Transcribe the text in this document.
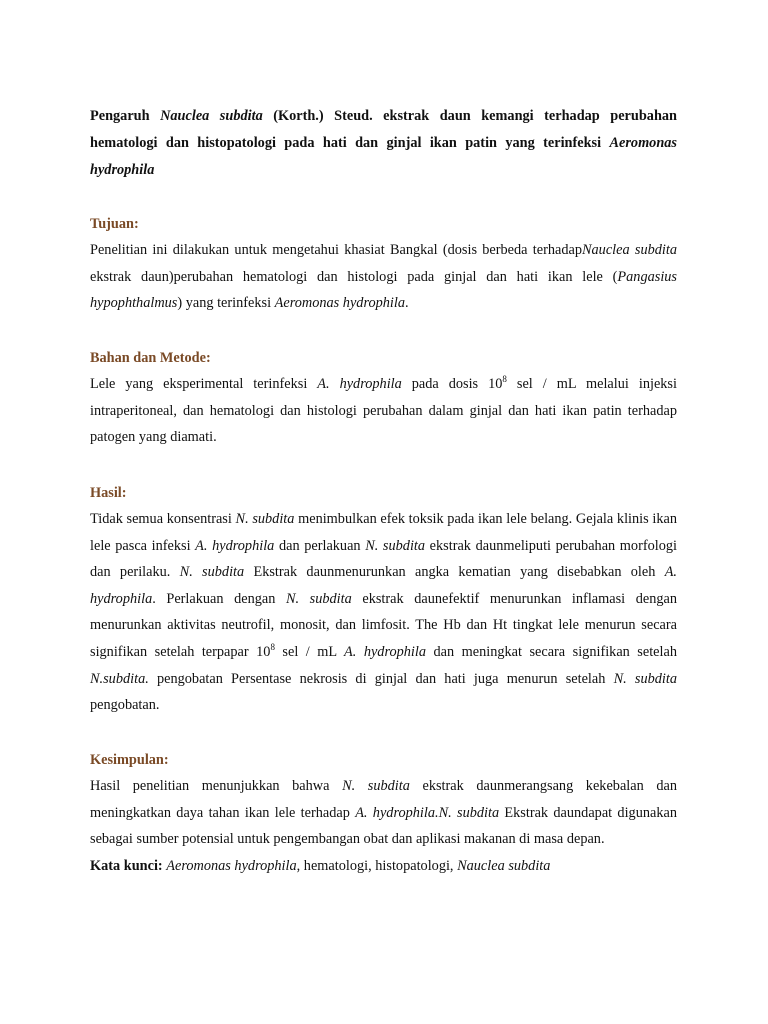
Pengaruh Nauclea subdita (Korth.) Steud. ekstrak daun kemangi terhadap perubahan hematologi dan histopatologi pada hati dan ginjal ikan patin yang terinfeksi Aeromonas hydrophila

Tujuan:

Penelitian ini dilakukan untuk mengetahui khasiat Bangkal (dosis berbeda terhadapNauclea subdita ekstrak daun)perubahan hematologi dan histologi pada ginjal dan hati ikan lele (Pangasius hypophthalmus) yang terinfeksi Aeromonas hydrophila.

Bahan dan Metode:

Lele yang eksperimental terinfeksi A. hydrophila pada dosis $10^8$ sel / mL melalui injeksi intraperitoneal, dan hematologi dan histologi perubahan dalam ginjal dan hati ikan patin terhadap patogen yang diamati.

Hasil:

Tidak semua konsentrasi N. subdita menimbulkan efek toksik pada ikan lele belang. Gejala klinis ikan lele pasca infeksi A. hydrophila dan perlakuan N. subdita ekstrak daunmeliputi perubahan morfologi dan perilaku. N. subdita Ekstrak daunmenurunkan angka kematian yang disebabkan oleh A. hydrophila. Perlakuan dengan N. subdita ekstrak daunefektif menurunkan inflamasi dengan menurunkan aktivitas neutrofil, monosit, dan limfosit. The Hb dan Ht tingkat lele menurun secara signifikan setelah terpapar $10^8$ sel / mL A. hydrophila dan meningkat secara signifikan setelah N.subdita. pengobatan Persentase nekrosis di ginjal dan hati juga menurun setelah N. subdita pengobatan.

Kesimpulan:

Hasil penelitian menunjukkan bahwa N. subdita ekstrak daunmerangsang kekebalan dan meningkatkan daya tahan ikan lele terhadap A. hydrophila.N. subdita Ekstrak daundapat digunakan sebagai sumber potensial untuk pengembangan obat dan aplikasi makanan di masa depan.

Kata kunci: Aeromonas hydrophila, hematologi, histopatologi, Nauclea subdita
